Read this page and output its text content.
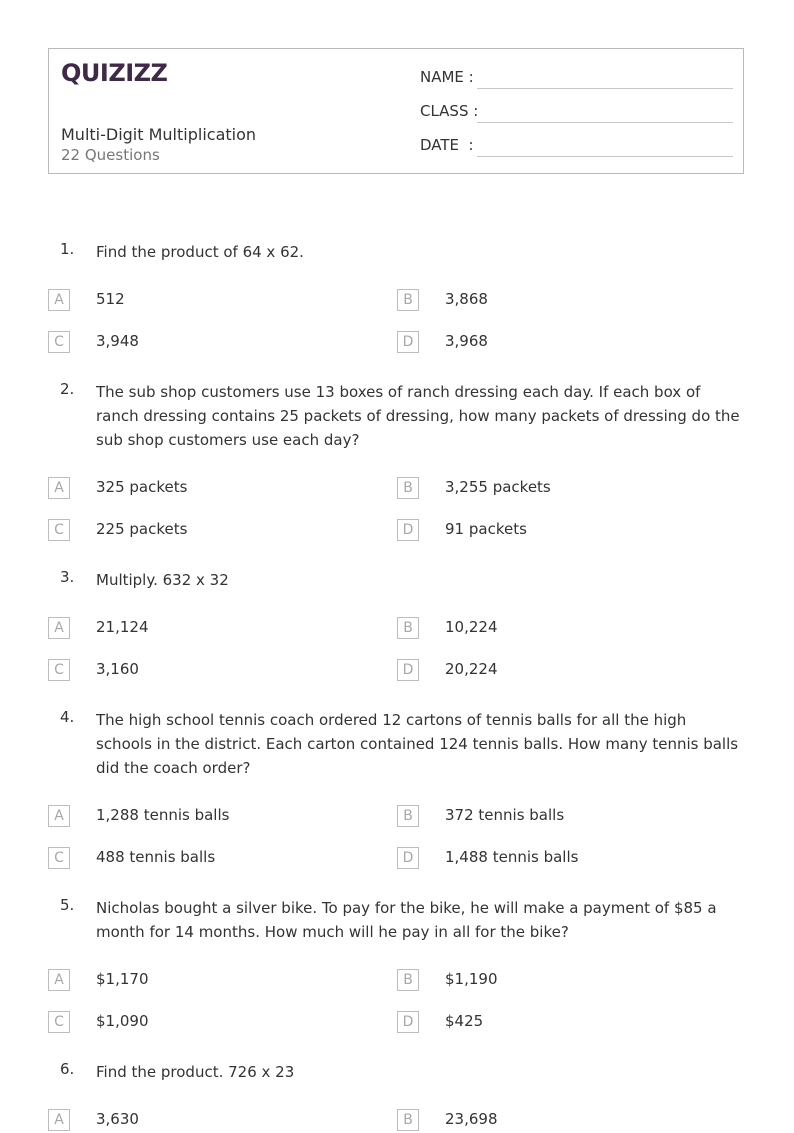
QUIZIZZ
Multi-Digit Multiplication
22 Questions
NAME :
CLASS :
DATE  :
1. Find the product of 64 x 62.
A	512	B	3,868
C	3,948	D	3,968
2. The sub shop customers use 13 boxes of ranch dressing each day. If each box of ranch dressing contains 25 packets of dressing, how many packets of dressing do the sub shop customers use each day?
A	325 packets	B	3,255 packets
C	225 packets	D	91 packets
3. Multiply. 632 x 32
A	21,124	B	10,224
C	3,160	D	20,224
4. The high school tennis coach ordered 12 cartons of tennis balls for all the high schools in the district. Each carton contained 124 tennis balls. How many tennis balls did the coach order?
A	1,288 tennis balls	B	372 tennis balls
C	488 tennis balls	D	1,488 tennis balls
5. Nicholas bought a silver bike. To pay for the bike, he will make a payment of $85 a month for 14 months. How much will he pay in all for the bike?
A	$1,170	B	$1,190
C	$1,090	D	$425
6. Find the product. 726 x 23
A	3,630	B	23,698
